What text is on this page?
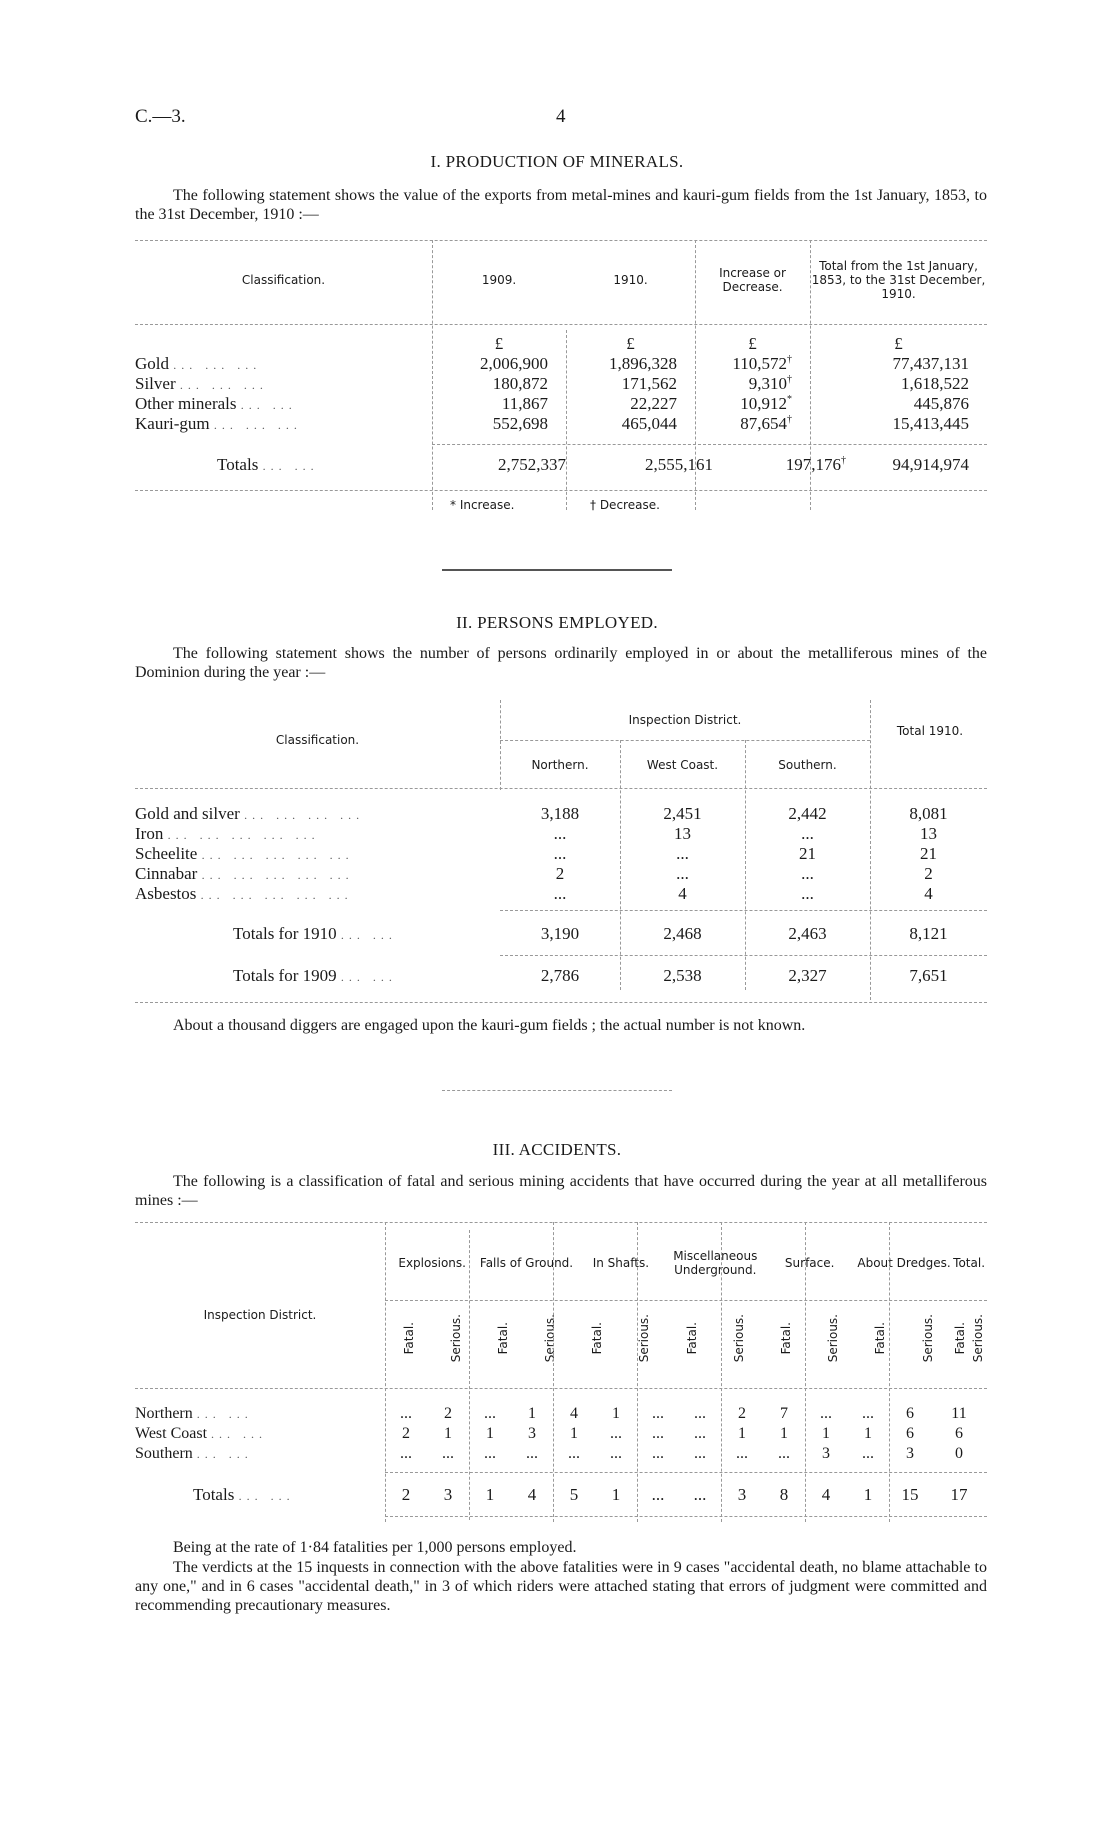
C.—3.	4
I. PRODUCTION OF MINERALS.
The following statement shows the value of the exports from metal-mines and kauri-gum fields from the 1st January, 1853, to the 31st December, 1910 :—
Classification.	1909.	1910.	Increase or Decrease.	Total from the 1st January, 1853, to the 31st December, 1910.
	£	£	£	£
Gold ... ... ...	2,006,900	1,896,328	110,572†	77,437,131
Silver ... ... ...	180,872	171,562	9,310†	1,618,522
Other minerals ... ...	11,867	22,227	10,912*	445,876
Kauri-gum ... ... ...	552,698	465,044	87,654†	15,413,445
Totals ... ...	2,752,337	2,555,161	197,176†	94,914,974
* Increase.	† Decrease.
II. PERSONS EMPLOYED.
The following statement shows the number of persons ordinarily employed in or about the metalliferous mines of the Dominion during the year :—
Classification.
Inspection District.
Northern.	West Coast.	Southern.
Total 1910.
Gold and silver ... ... ... ...	3,188	2,451	2,442	8,081
Iron ... ... ... ... ...	...	13	...	13
Scheelite ... ... ... ... ...	...	...	21	21
Cinnabar ... ... ... ... ...	2	...	...	2
Asbestos ... ... ... ... ...	...	4	...	4
Totals for 1910 ... ...	3,190	2,468	2,463	8,121

Totals for 1909 ... ...	2,786	2,538	2,327	7,651
About a thousand diggers are engaged upon the kauri-gum fields ; the actual number is not known.
III. ACCIDENTS.
The following is a classification of fatal and serious mining accidents that have occurred during the year at all metalliferous mines :—
Inspection District.	Explosions.		Falls of Ground.		In Shafts.		Miscellaneous Underground.		Surface.		About Dredges.		Total.	
	Fatal.	Serious.	Fatal.	Serious.	Fatal.	Serious.	Fatal.	Serious.	Fatal.	Serious.	Fatal.	Serious.	Fatal.	Serious.
Northern ... ...	...	2	...	1	4	1	...	...	2	7	...	...	6	11
West Coast ... ...	2	1	1	3	1	...	...	...	1	1	1	1	6	6
Southern ... ...	...	...	...	...	...	...	...	...	...	...	3	...	3	0
Totals ... ...	2	3	1	4	5	1	...	...	3	8	4	1	15	17
Being at the rate of 1·84 fatalities per 1,000 persons employed.
The verdicts at the 15 inquests in connection with the above fatalities were in 9 cases "accidental death, no blame attachable to any one," and in 6 cases "accidental death," in 3 of which riders were attached stating that errors of judgment were committed and recommending precautionary measures.
